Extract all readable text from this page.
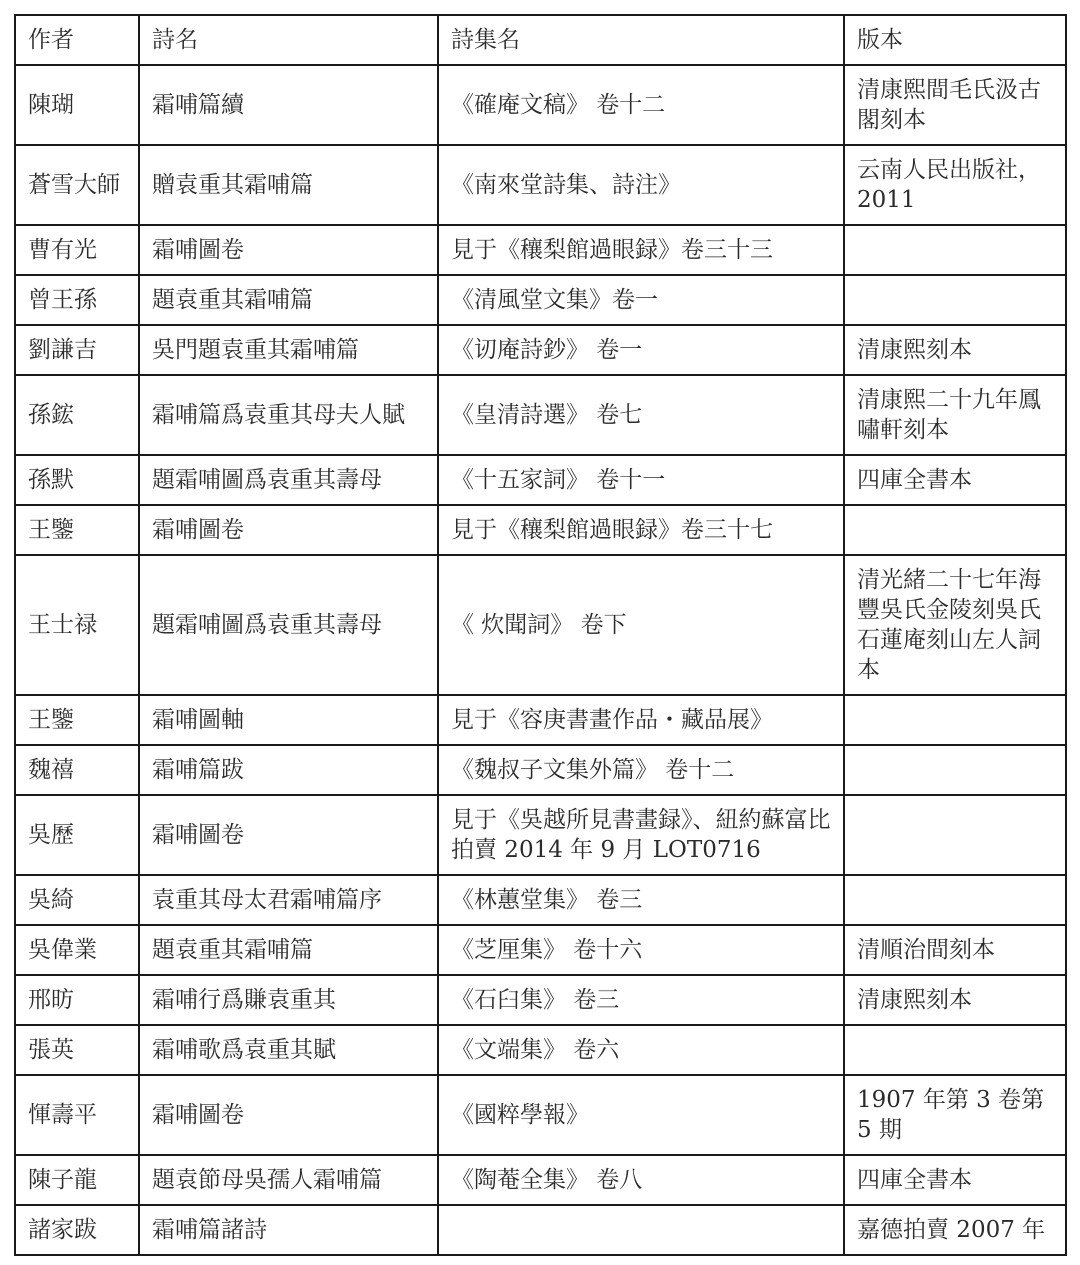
作者	詩名	詩集名	版本
陳瑚	霜哺篇續	《確庵文稿》 卷十二	清康熙間毛氏汲古閣刻本
蒼雪大師	贈袁重其霜哺篇	《南來堂詩集、詩注》	云南人民出版社，2011
曹有光	霜哺圖卷	見于《穰梨館過眼録》卷三十三	
曾王孫	題袁重其霜哺篇	《清風堂文集》卷一	
劉謙吉	吳門題袁重其霜哺篇	《讱庵詩鈔》 卷一	清康熙刻本
孫鋐	霜哺篇爲袁重其母夫人賦	《皇清詩選》 卷七	清康熙二十九年鳳嘯軒刻本
孫默	題霜哺圖爲袁重其壽母	《十五家詞》 卷十一	四庫全書本
王鑒	霜哺圖卷	見于《穰梨館過眼録》卷三十七	
王士禄	題霜哺圖爲袁重其壽母	《 炊聞詞》 卷下	清光緒二十七年海豐吳氏金陵刻吳氏石蓮庵刻山左人詞本
王鑒	霜哺圖軸	見于《容庚書畫作品・藏品展》	
魏禧	霜哺篇跋	《魏叔子文集外篇》 卷十二	
吳歷	霜哺圖卷	見于《吳越所見書畫録》、紐約蘇富比拍賣 2014 年 9 月 LOT0716	
吳綺	袁重其母太君霜哺篇序	《林蕙堂集》 卷三	
吳偉業	題袁重其霜哺篇	《芝厘集》 卷十六	清順治間刻本
邢昉	霜哺行爲賺袁重其	《石臼集》 卷三	清康熙刻本
張英	霜哺歌爲袁重其賦	《文端集》 卷六	
惲壽平	霜哺圖卷	《國粹學報》	1907 年第 3 卷第 5 期
陳子龍	題袁節母吳孺人霜哺篇	《陶菴全集》 卷八	四庫全書本
諸家跋	霜哺篇諸詩		嘉德拍賣 2007 年
